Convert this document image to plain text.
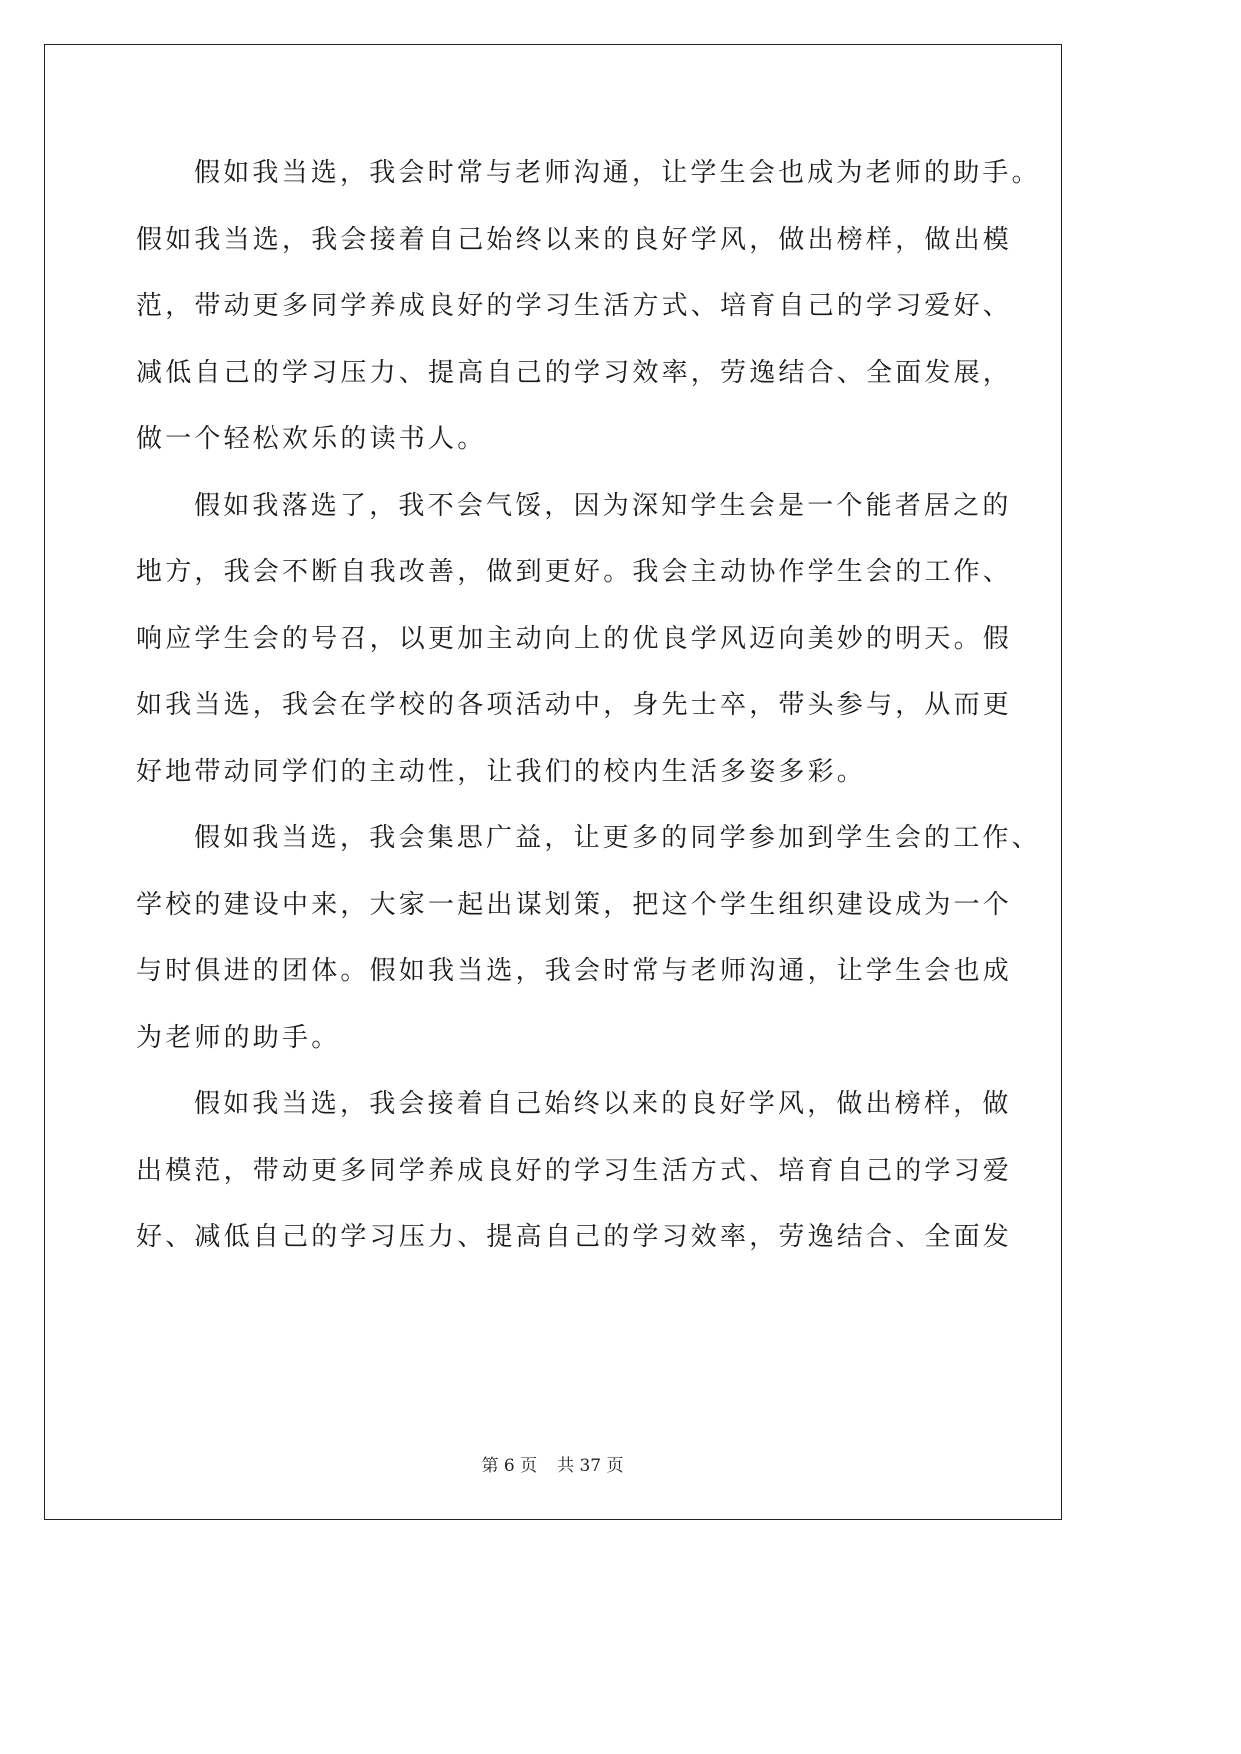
假如我当选，我会时常与老师沟通，让学生会也成为老师的助手。
假如我当选，我会接着自己始终以来的良好学风，做出榜样，做出模
范，带动更多同学养成良好的学习生活方式、培育自己的学习爱好、
减低自己的学习压力、提高自己的学习效率，劳逸结合、全面发展，
做一个轻松欢乐的读书人。
假如我落选了，我不会气馁，因为深知学生会是一个能者居之的
地方，我会不断自我改善，做到更好。我会主动协作学生会的工作、
响应学生会的号召，以更加主动向上的优良学风迈向美妙的明天。假
如我当选，我会在学校的各项活动中，身先士卒，带头参与，从而更
好地带动同学们的主动性，让我们的校内生活多姿多彩。
假如我当选，我会集思广益，让更多的同学参加到学生会的工作、
学校的建设中来，大家一起出谋划策，把这个学生组织建设成为一个
与时俱进的团体。假如我当选，我会时常与老师沟通，让学生会也成
为老师的助手。
假如我当选，我会接着自己始终以来的良好学风，做出榜样，做
出模范，带动更多同学养成良好的学习生活方式、培育自己的学习爱
好、减低自己的学习压力、提高自己的学习效率，劳逸结合、全面发
第 6 页 共 37 页
